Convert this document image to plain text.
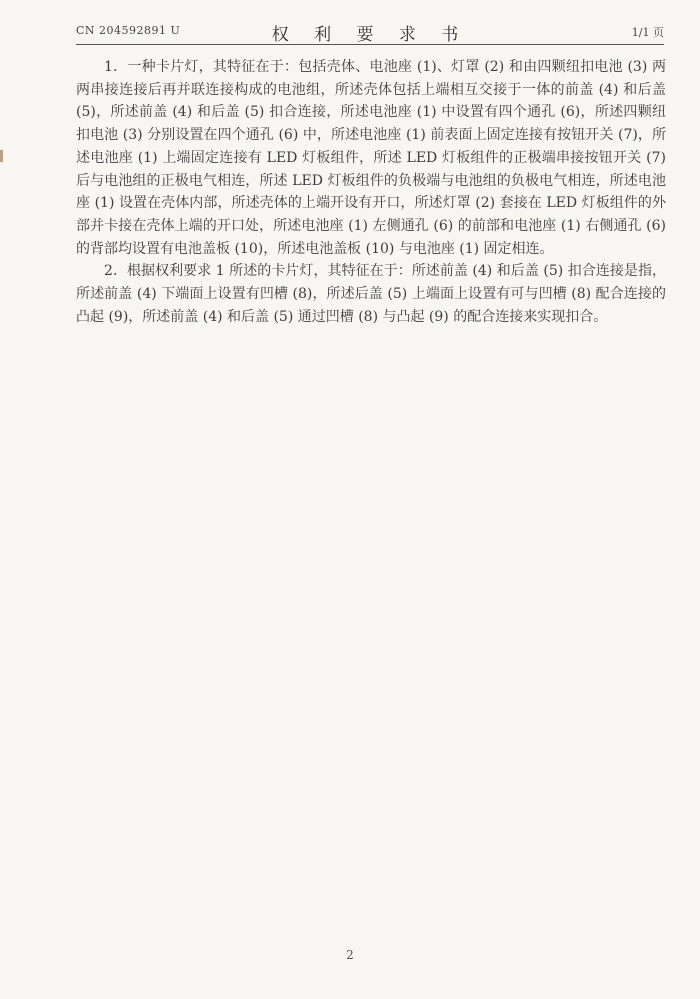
CN 204592891 U	权 利 要 求 书	1/1 页

1．一种卡片灯，其特征在于：包括壳体、电池座 (1)、灯罩 (2) 和由四颗纽扣电池 (3) 两两串接连接后再并联连接构成的电池组，所述壳体包括上端相互交接于一体的前盖 (4) 和后盖 (5)，所述前盖 (4) 和后盖 (5) 扣合连接，所述电池座 (1) 中设置有四个通孔 (6)，所述四颗纽扣电池 (3) 分别设置在四个通孔 (6) 中，所述电池座 (1) 前表面上固定连接有按钮开关 (7)，所述电池座 (1) 上端固定连接有 LED 灯板组件，所述 LED 灯板组件的正极端串接按钮开关 (7) 后与电池组的正极电气相连，所述 LED 灯板组件的负极端与电池组的负极电气相连，所述电池座 (1) 设置在壳体内部，所述壳体的上端开设有开口，所述灯罩 (2) 套接在 LED 灯板组件的外部并卡接在壳体上端的开口处，所述电池座 (1) 左侧通孔 (6) 的前部和电池座 (1) 右侧通孔 (6) 的背部均设置有电池盖板 (10)，所述电池盖板 (10) 与电池座 (1) 固定相连。

2．根据权利要求 1 所述的卡片灯，其特征在于：所述前盖 (4) 和后盖 (5) 扣合连接是指，所述前盖 (4) 下端面上设置有凹槽 (8)，所述后盖 (5) 上端面上设置有可与凹槽 (8) 配合连接的凸起 (9)，所述前盖 (4) 和后盖 (5) 通过凹槽 (8) 与凸起 (9) 的配合连接来实现扣合。

2
